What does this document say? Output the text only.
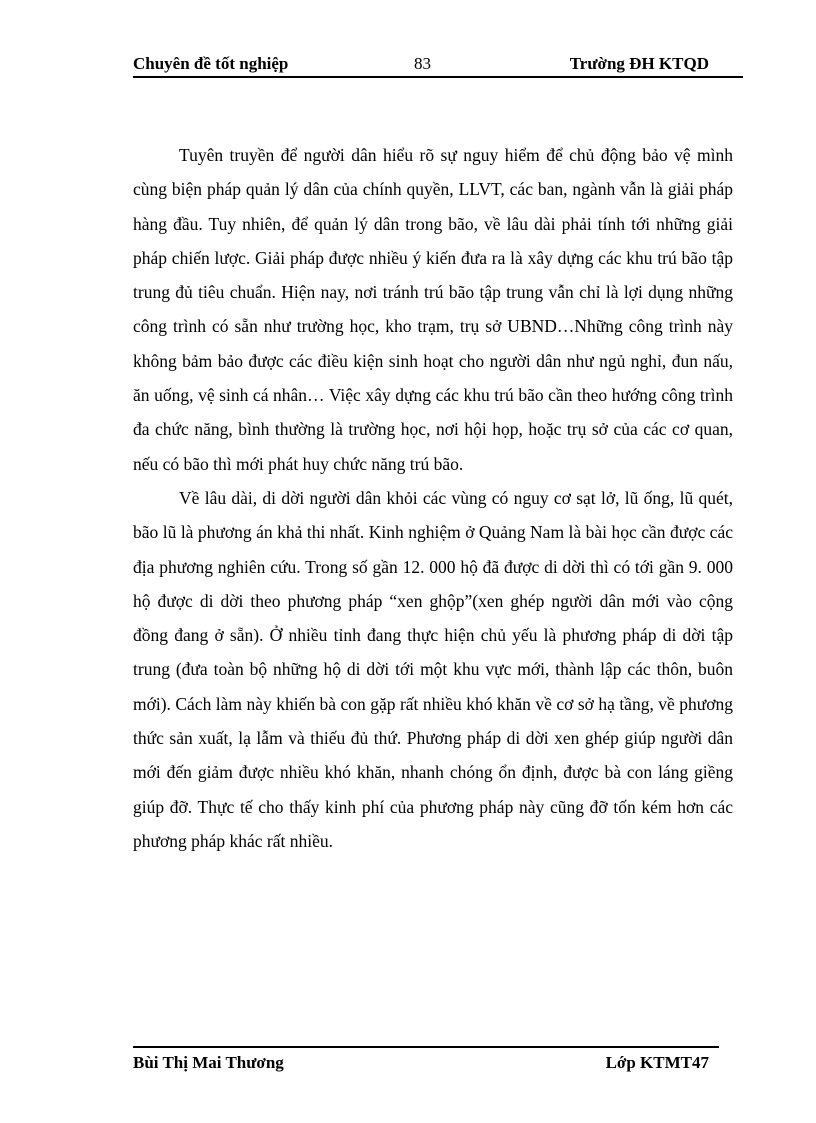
Chuyên đề tốt nghiệp	83	Trường ĐH KTQD

Tuyên truyền để người dân hiểu rõ sự nguy hiểm để chủ động bảo vệ mình cùng biện pháp quản lý dân của chính quyền, LLVT, các ban, ngành vẫn là giải pháp hàng đầu. Tuy nhiên, để quản lý dân trong bão, về lâu dài phải tính tới những giải pháp chiến lược. Giải pháp được nhiều ý kiến đưa ra là xây dựng các khu trú bão tập trung đủ tiêu chuẩn. Hiện nay, nơi tránh trú bão tập trung vẫn chỉ là lợi dụng những công trình có sẵn như trường học, kho trạm, trụ sở UBND…Những công trình này không bảm bảo được các điều kiện sinh hoạt cho người dân như ngủ nghỉ, đun nấu, ăn uống, vệ sinh cá nhân… Việc xây dựng các khu trú bão cần theo hướng công trình đa chức năng, bình thường là trường học, nơi hội họp, hoặc trụ sở của các cơ quan, nếu có bão thì mới phát huy chức năng trú bão.

Về lâu dài, di dời người dân khỏi các vùng có nguy cơ sạt lở, lũ ống, lũ quét, bão lũ là phương án khả thi nhất. Kinh nghiệm ở Quảng Nam là bài học cần được các địa phương nghiên cứu. Trong số gần 12. 000 hộ đã được di dời thì có tới gần 9. 000 hộ được di dời theo phương pháp “xen ghộp”(xen ghép người dân mới vào cộng đồng đang ở sẵn). Ở nhiều tỉnh đang thực hiện chủ yếu là phương pháp di dời tập trung (đưa toàn bộ những hộ di dời tới một khu vực mới, thành lập các thôn, buôn mới). Cách làm này khiến bà con gặp rất nhiều khó khăn về cơ sở hạ tầng, về phương thức sản xuất, lạ lẫm và thiếu đủ thứ. Phương pháp di dời xen ghép giúp người dân mới đến giảm được nhiều khó khăn, nhanh chóng ổn định, được bà con láng giềng giúp đỡ. Thực tế cho thấy kinh phí của phương pháp này cũng đỡ tốn kém hơn các phương pháp khác rất nhiều.

Bùi Thị Mai Thương	Lớp KTMT47
